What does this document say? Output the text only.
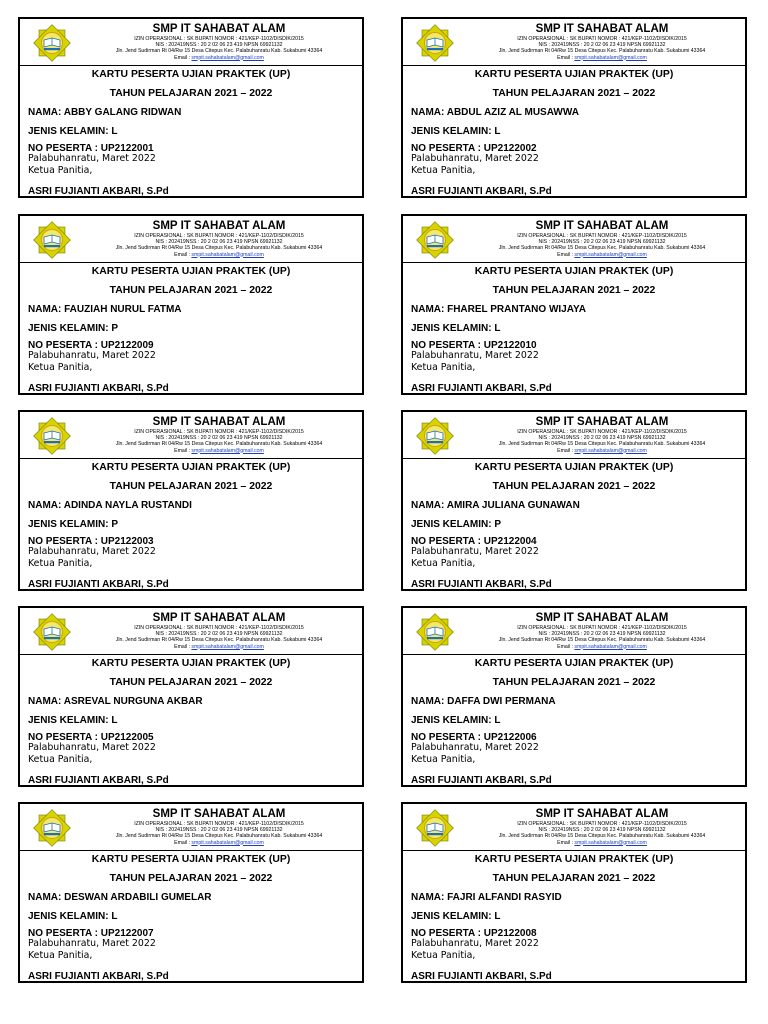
SMP IT SAHABAT ALAM
IZIN OPERASIONAL : SK BUPATI NOMOR : 421/KEP-1102/DISDIK/2015
NIS : 202419NSS : 20 2 02 06 23 419 NPSN 69921132
Jln. Jend Sudirman Rt 04/Rw 15 Desa Citepus Kec. Palabuhanratu Kab. Sukabumi 43364
Email : smpit.sahabatalam@gmail.com
KARTU PESERTA UJIAN PRAKTEK (UP)
TAHUN PELAJARAN 2021 – 2022
NAMA: ABBY GALANG RIDWAN
JENIS KELAMIN: L
NO PESERTA : UP2122001
Palabuhanratu, Maret 2022
Ketua Panitia,
ASRI FUJIANTI AKBARI, S.Pd
SMP IT SAHABAT ALAM
IZIN OPERASIONAL : SK BUPATI NOMOR : 421/KEP-1102/DISDIK/2015
NIS : 202419NSS : 20 2 02 06 23 419 NPSN 69921132
Jln. Jend Sudirman Rt 04/Rw 15 Desa Citepus Kec. Palabuhanratu Kab. Sukabumi 43364
Email : smpit.sahabatalam@gmail.com
KARTU PESERTA UJIAN PRAKTEK (UP)
TAHUN PELAJARAN 2021 – 2022
NAMA: ABDUL AZIZ AL MUSAWWA
JENIS KELAMIN: L
NO PESERTA : UP2122002
Palabuhanratu, Maret 2022
Ketua Panitia,
ASRI FUJIANTI AKBARI, S.Pd
SMP IT SAHABAT ALAM
IZIN OPERASIONAL : SK BUPATI NOMOR : 421/KEP-1102/DISDIK/2015
NIS : 202419NSS : 20 2 02 06 23 419 NPSN 69921132
Jln. Jend Sudirman Rt 04/Rw 15 Desa Citepus Kec. Palabuhanratu Kab. Sukabumi 43364
Email : smpit.sahabatalam@gmail.com
KARTU PESERTA UJIAN PRAKTEK (UP)
TAHUN PELAJARAN 2021 – 2022
NAMA: FAUZIAH NURUL FATMA
JENIS KELAMIN: P
NO PESERTA : UP2122009
Palabuhanratu, Maret 2022
Ketua Panitia,
ASRI FUJIANTI AKBARI, S.Pd
SMP IT SAHABAT ALAM
IZIN OPERASIONAL : SK BUPATI NOMOR : 421/KEP-1102/DISDIK/2015
NIS : 202419NSS : 20 2 02 06 23 419 NPSN 69921132
Jln. Jend Sudirman Rt 04/Rw 15 Desa Citepus Kec. Palabuhanratu Kab. Sukabumi 43364
Email : smpit.sahabatalam@gmail.com
KARTU PESERTA UJIAN PRAKTEK (UP)
TAHUN PELAJARAN 2021 – 2022
NAMA: FHAREL PRANTANO WIJAYA
JENIS KELAMIN: L
NO PESERTA : UP2122010
Palabuhanratu, Maret 2022
Ketua Panitia,
ASRI FUJIANTI AKBARI, S.Pd
SMP IT SAHABAT ALAM
IZIN OPERASIONAL : SK BUPATI NOMOR : 421/KEP-1102/DISDIK/2015
NIS : 202419NSS : 20 2 02 06 23 419 NPSN 69921132
Jln. Jend Sudirman Rt 04/Rw 15 Desa Citepus Kec. Palabuhanratu Kab. Sukabumi 43364
Email : smpit.sahabatalam@gmail.com
KARTU PESERTA UJIAN PRAKTEK (UP)
TAHUN PELAJARAN 2021 – 2022
NAMA: ADINDA NAYLA RUSTANDI
JENIS KELAMIN: P
NO PESERTA : UP2122003
Palabuhanratu, Maret 2022
Ketua Panitia,
ASRI FUJIANTI AKBARI, S.Pd
SMP IT SAHABAT ALAM
IZIN OPERASIONAL : SK BUPATI NOMOR : 421/KEP-1102/DISDIK/2015
NIS : 202419NSS : 20 2 02 06 23 419 NPSN 69921132
Jln. Jend Sudirman Rt 04/Rw 15 Desa Citepus Kec. Palabuhanratu Kab. Sukabumi 43364
Email : smpit.sahabatalam@gmail.com
KARTU PESERTA UJIAN PRAKTEK (UP)
TAHUN PELAJARAN 2021 – 2022
NAMA: AMIRA JULIANA GUNAWAN
JENIS KELAMIN: P
NO PESERTA : UP2122004
Palabuhanratu, Maret 2022
Ketua Panitia,
ASRI FUJIANTI AKBARI, S.Pd
SMP IT SAHABAT ALAM
IZIN OPERASIONAL : SK BUPATI NOMOR : 421/KEP-1102/DISDIK/2015
NIS : 202419NSS : 20 2 02 06 23 419 NPSN 69921132
Jln. Jend Sudirman Rt 04/Rw 15 Desa Citepus Kec. Palabuhanratu Kab. Sukabumi 43364
Email : smpit.sahabatalam@gmail.com
KARTU PESERTA UJIAN PRAKTEK (UP)
TAHUN PELAJARAN 2021 – 2022
NAMA: ASREVAL NURGUNA AKBAR
JENIS KELAMIN: L
NO PESERTA : UP2122005
Palabuhanratu, Maret 2022
Ketua Panitia,
ASRI FUJIANTI AKBARI, S.Pd
SMP IT SAHABAT ALAM
IZIN OPERASIONAL : SK BUPATI NOMOR : 421/KEP-1102/DISDIK/2015
NIS : 202419NSS : 20 2 02 06 23 419 NPSN 69921132
Jln. Jend Sudirman Rt 04/Rw 15 Desa Citepus Kec. Palabuhanratu Kab. Sukabumi 43364
Email : smpit.sahabatalam@gmail.com
KARTU PESERTA UJIAN PRAKTEK (UP)
TAHUN PELAJARAN 2021 – 2022
NAMA: DAFFA DWI PERMANA
JENIS KELAMIN: L
NO PESERTA : UP2122006
Palabuhanratu, Maret 2022
Ketua Panitia,
ASRI FUJIANTI AKBARI, S.Pd
SMP IT SAHABAT ALAM
IZIN OPERASIONAL : SK BUPATI NOMOR : 421/KEP-1102/DISDIK/2015
NIS : 202419NSS : 20 2 02 06 23 419 NPSN 69921132
Jln. Jend Sudirman Rt 04/Rw 15 Desa Citepus Kec. Palabuhanratu Kab. Sukabumi 43364
Email : smpit.sahabatalam@gmail.com
KARTU PESERTA UJIAN PRAKTEK (UP)
TAHUN PELAJARAN 2021 – 2022
NAMA: DESWAN ARDABILI GUMELAR
JENIS KELAMIN: L
NO PESERTA : UP2122007
Palabuhanratu, Maret 2022
Ketua Panitia,
ASRI FUJIANTI AKBARI, S.Pd
SMP IT SAHABAT ALAM
IZIN OPERASIONAL : SK BUPATI NOMOR : 421/KEP-1102/DISDIK/2015
NIS : 202419NSS : 20 2 02 06 23 419 NPSN 69921132
Jln. Jend Sudirman Rt 04/Rw 15 Desa Citepus Kec. Palabuhanratu Kab. Sukabumi 43364
Email : smpit.sahabatalam@gmail.com
KARTU PESERTA UJIAN PRAKTEK (UP)
TAHUN PELAJARAN 2021 – 2022
NAMA: FAJRI ALFANDI RASYID
JENIS KELAMIN: L
NO PESERTA : UP2122008
Palabuhanratu, Maret 2022
Ketua Panitia,
ASRI FUJIANTI AKBARI, S.Pd
